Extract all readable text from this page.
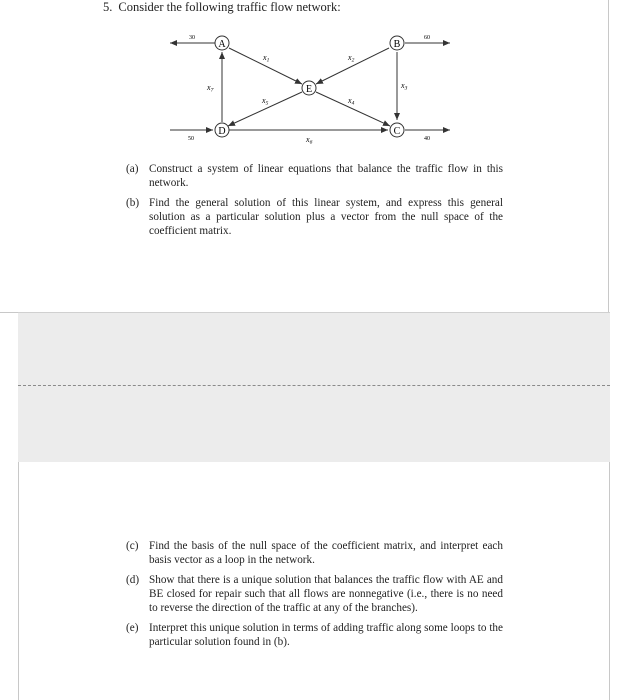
5. Consider the following traffic flow network:
A	B
E
D	C
30	60
50	40
x1	x2
x3
x4
x5
x6
x7
(a) Construct a system of linear equations that balance the traffic flow in this network.
(b) Find the general solution of this linear system, and express this general solution as a particular solution plus a vector from the null space of the coefficient matrix.
(c) Find the basis of the null space of the coefficient matrix, and interpret each basis vector as a loop in the network.
(d) Show that there is a unique solution that balances the traffic flow with AE and BE closed for repair such that all flows are nonnegative (i.e., there is no need to reverse the direction of the traffic at any of the branches).
(e) Interpret this unique solution in terms of adding traffic along some loops to the particular solution found in (b).
